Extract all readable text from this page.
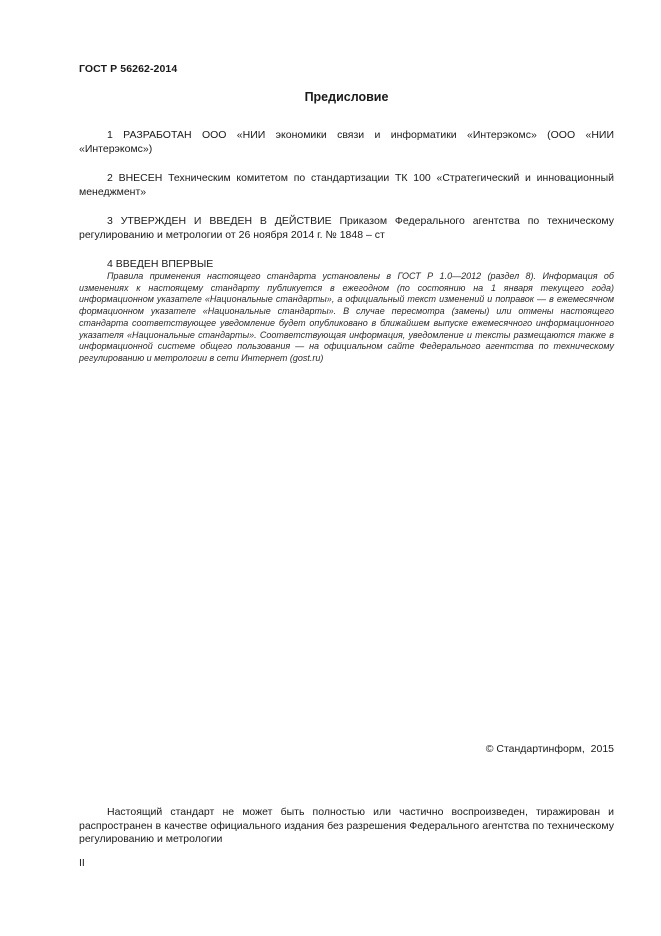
ГОСТ Р 56262-2014
Предисловие

1 РАЗРАБОТАН ООО «НИИ экономики связи и информатики «Интерэкомс» (ООО «НИИ «Интерэкомс»)

2 ВНЕСЕН Техническим комитетом по стандартизации ТК 100 «Стратегический и инновационный менеджмент»

3 УТВЕРЖДЕН И ВВЕДЕН В ДЕЙСТВИЕ Приказом Федерального агентства по техническому регулированию и метрологии от 26 ноября 2014 г. № 1848 – ст

4 ВВЕДЕН ВПЕРВЫЕ

Правила применения настоящего стандарта установлены в ГОСТ Р 1.0—2012 (раздел 8). Информация об изменениях к настоящему стандарту публикуется в ежегодном (по состоянию на 1 января текущего года) информационном указателе «Национальные стандарты», а официальный текст изменений и поправок — в ежемесячном формационном указателе «Национальные стандарты». В случае пересмотра (замены) или отмены настоящего стандарта соответствующее уведомление будет опубликовано в ближайшем выпуске ежемесячного информационного указателя «Национальные стандарты». Соответствующая информация, уведомление и тексты размещаются также в информационной системе общего пользования — на официальном сайте Федерального агентства по техническому регулированию и метрологии в сети Интернет (gost.ru)

© Стандартинформ,  2015

Настоящий стандарт не может быть полностью или частично воспроизведен, тиражирован и распространен в качестве официального издания без разрешения Федерального агентства по техническому регулированию и метрологии

II
